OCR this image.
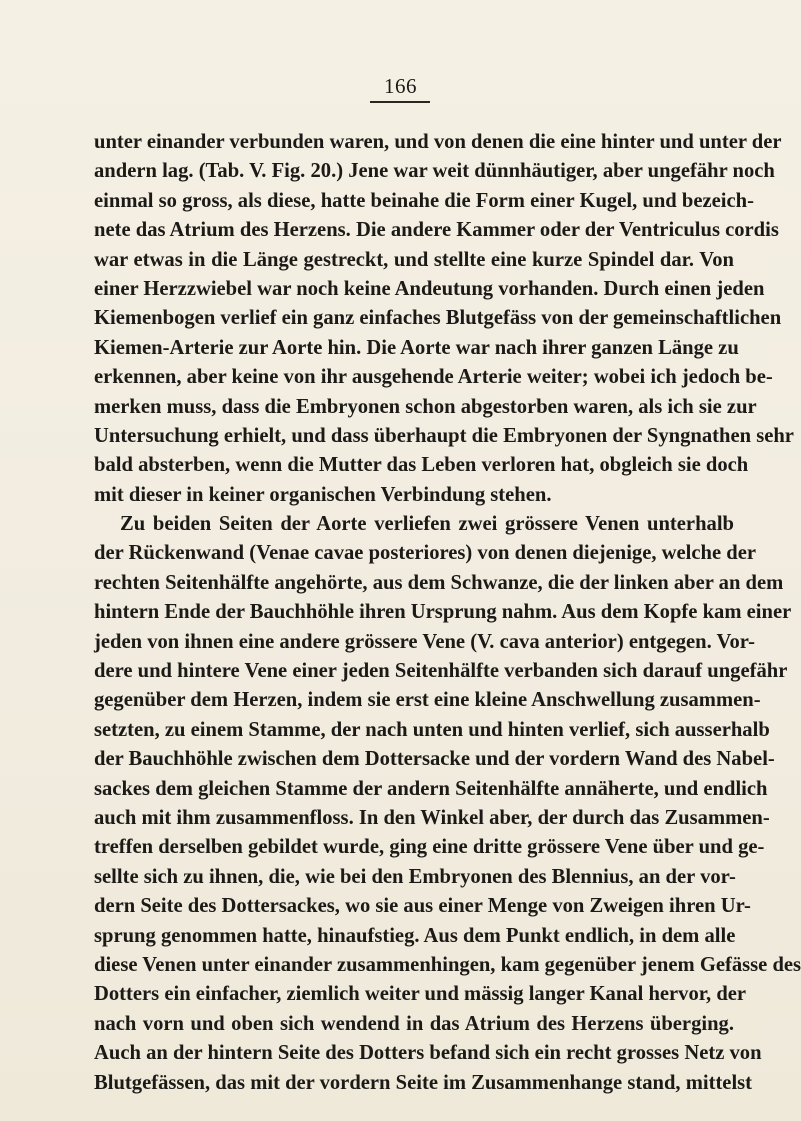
166
unter einander verbunden waren, und von denen die eine hinter und unter der
andern lag. (Tab. V. Fig. 20.) Jene war weit dünnhäutiger, aber ungefähr noch
einmal so gross, als diese, hatte beinahe die Form einer Kugel, und bezeich-
nete das Atrium des Herzens. Die andere Kammer oder der Ventriculus cordis
war etwas in die Länge gestreckt, und stellte eine kurze Spindel dar. Von
einer Herzzwiebel war noch keine Andeutung vorhanden. Durch einen jeden
Kiemenbogen verlief ein ganz einfaches Blutgefäss von der gemeinschaftlichen
Kiemen-Arterie zur Aorte hin. Die Aorte war nach ihrer ganzen Länge zu
erkennen, aber keine von ihr ausgehende Arterie weiter; wobei ich jedoch be-
merken muss, dass die Embryonen schon abgestorben waren, als ich sie zur
Untersuchung erhielt, und dass überhaupt die Embryonen der Syngnathen sehr
bald absterben, wenn die Mutter das Leben verloren hat, obgleich sie doch
mit dieser in keiner organischen Verbindung stehen.
Zu beiden Seiten der Aorte verliefen zwei grössere Venen unterhalb
der Rückenwand (Venae cavae posteriores) von denen diejenige, welche der
rechten Seitenhälfte angehörte, aus dem Schwanze, die der linken aber an dem
hintern Ende der Bauchhöhle ihren Ursprung nahm. Aus dem Kopfe kam einer
jeden von ihnen eine andere grössere Vene (V. cava anterior) entgegen. Vor-
dere und hintere Vene einer jeden Seitenhälfte verbanden sich darauf ungefähr
gegenüber dem Herzen, indem sie erst eine kleine Anschwellung zusammen-
setzten, zu einem Stamme, der nach unten und hinten verlief, sich ausserhalb
der Bauchhöhle zwischen dem Dottersacke und der vordern Wand des Nabel-
sackes dem gleichen Stamme der andern Seitenhälfte annäherte, und endlich
auch mit ihm zusammenfloss. In den Winkel aber, der durch das Zusammen-
treffen derselben gebildet wurde, ging eine dritte grössere Vene über und ge-
sellte sich zu ihnen, die, wie bei den Embryonen des Blennius, an der vor-
dern Seite des Dottersackes, wo sie aus einer Menge von Zweigen ihren Ur-
sprung genommen hatte, hinaufstieg. Aus dem Punkt endlich, in dem alle
diese Venen unter einander zusammenhingen, kam gegenüber jenem Gefässe des
Dotters ein einfacher, ziemlich weiter und mässig langer Kanal hervor, der
nach vorn und oben sich wendend in das Atrium des Herzens überging.
Auch an der hintern Seite des Dotters befand sich ein recht grosses Netz von
Blutgefässen, das mit der vordern Seite im Zusammenhange stand, mittelst
